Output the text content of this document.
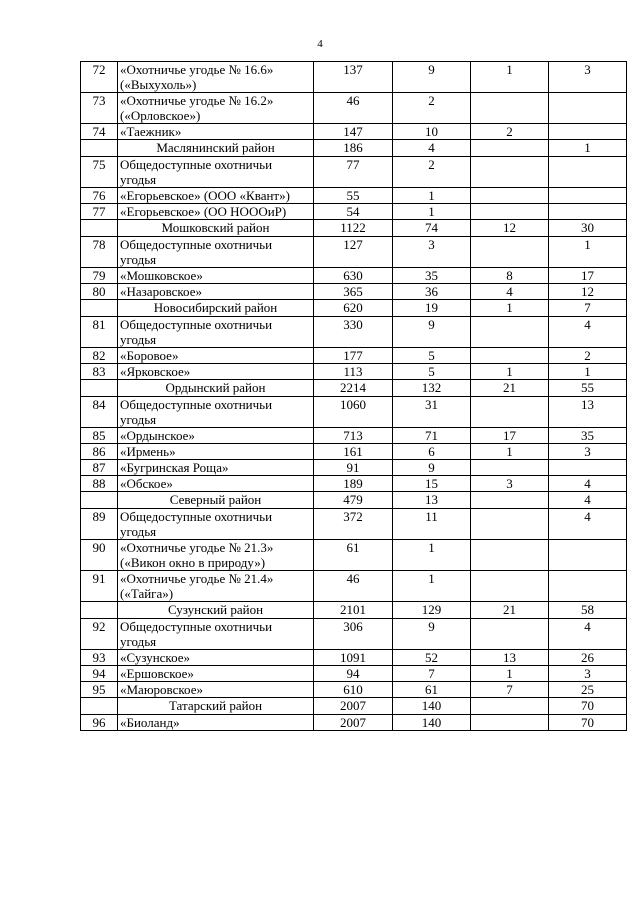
4
72	«Охотничье угодье № 16.6» («Выхухоль»)	137	9	1	3
73	«Охотничье угодье № 16.2» («Орловское»)	46	2		
74	«Таежник»	147	10	2	
	Маслянинский район	186	4		1
75	Общедоступные охотничьи угодья	77	2		
76	«Егорьевское» (ООО «Квант»)	55	1		
77	«Егорьевское» (ОО НОООиР)	54	1		
	Мошковский район	1122	74	12	30
78	Общедоступные охотничьи угодья	127	3		1
79	«Мошковское»	630	35	8	17
80	«Назаровское»	365	36	4	12
	Новосибирский район	620	19	1	7
81	Общедоступные охотничьи угодья	330	9		4
82	«Боровое»	177	5		2
83	«Ярковское»	113	5	1	1
	Ордынский район	2214	132	21	55
84	Общедоступные охотничьи угодья	1060	31		13
85	«Ордынское»	713	71	17	35
86	«Ирмень»	161	6	1	3
87	«Бугринская Роща»	91	9		
88	«Обское»	189	15	3	4
	Северный район	479	13		4
89	Общедоступные охотничьи угодья	372	11		4
90	«Охотничье угодье № 21.3» («Викон окно в природу»)	61	1		
91	«Охотничье угодье № 21.4» («Тайга»)	46	1		
	Сузунский район	2101	129	21	58
92	Общедоступные охотничьи угодья	306	9		4
93	«Сузунское»	1091	52	13	26
94	«Ершовское»	94	7	1	3
95	«Маюровское»	610	61	7	25
	Татарский район	2007	140		70
96	«Биоланд»	2007	140		70
